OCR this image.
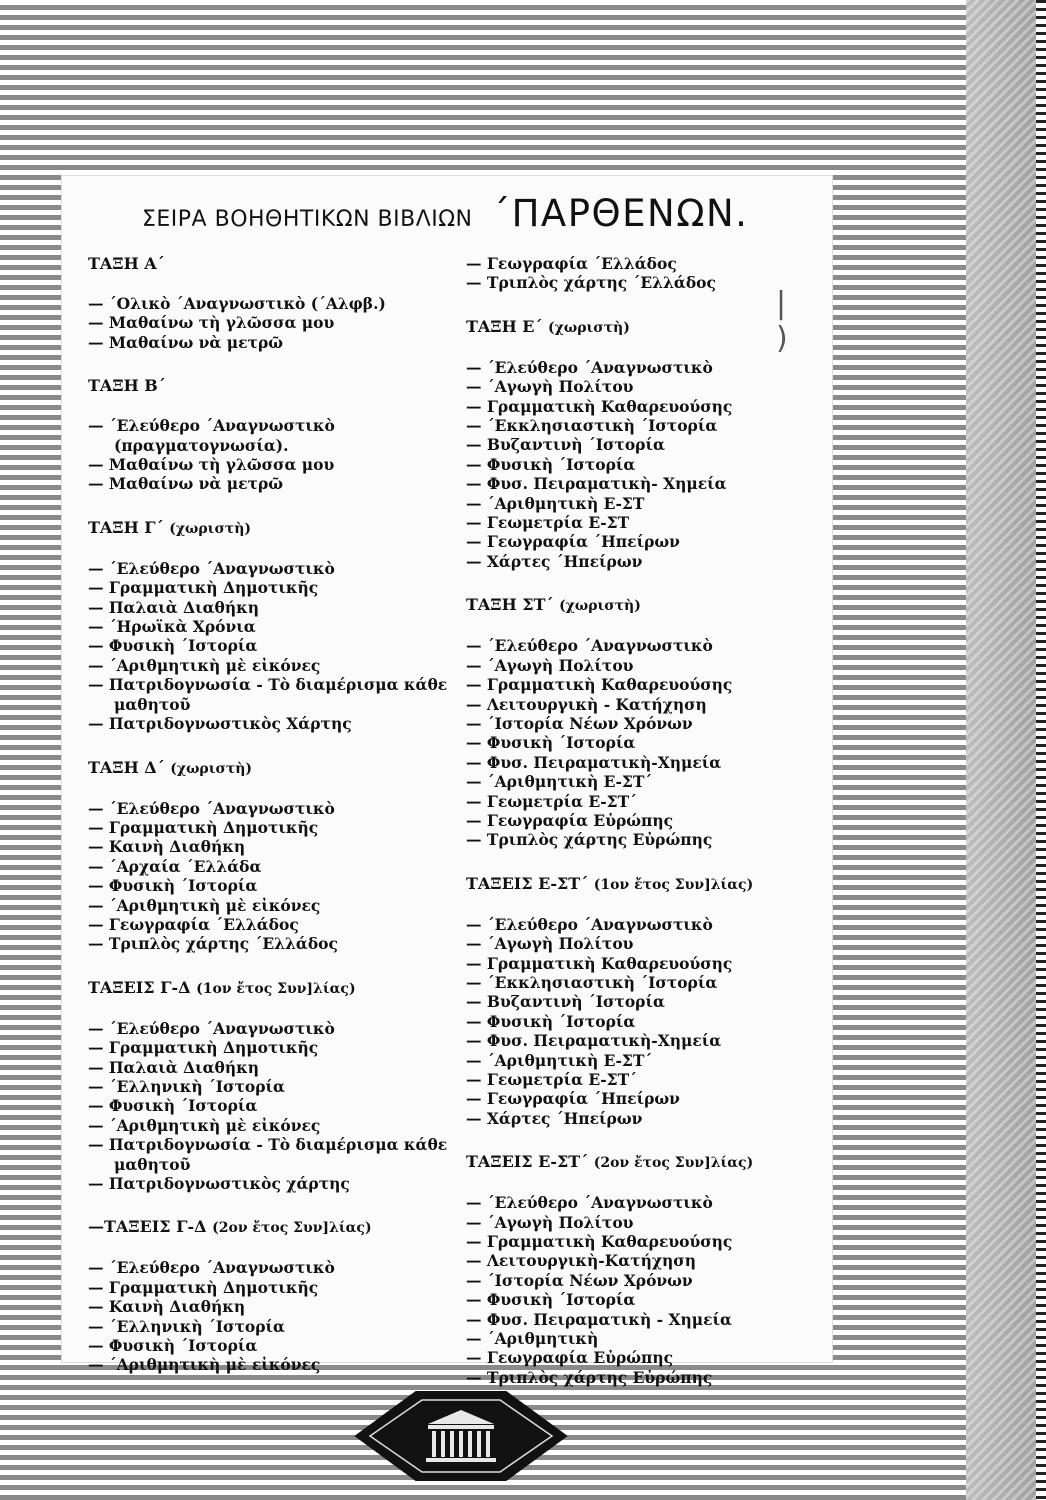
ΣΕΙΡΑ ΒΟΗΘΗΤΙΚΩΝ ΒΙΒΛΙΩΝ ΄ΠΑΡΘΕΝΩΝ.
| )
ΤΑΞΗ Α΄
— ΄Ολικὸ ΄Αναγνωστικὸ (΄Αλφβ.)
— Μαθαίνω τὴ γλῶσσα μου
— Μαθαίνω νὰ μετρῶ
ΤΑΞΗ Β΄
— ΄Ελεύθερο ΄Αναγνωστικὸ (πραγματογνωσία).
— Μαθαίνω τὴ γλῶσσα μου
— Μαθαίνω νὰ μετρῶ
ΤΑΞΗ Γ΄ (χωριστὴ)
— ΄Ελεύθερο ΄Αναγνωστικὸ
— Γραμματικὴ Δημοτικῆς
— Παλαιὰ Διαθήκη
— ΄Ηρωϊκὰ Χρόνια
— Φυσικὴ ΄Ιστορία
— ΄Αριθμητικὴ μὲ εἰκόνες
— Πατριδογνωσία - Τὸ διαμέρισμα κάθε μαθητοῦ
— Πατριδογνωστικὸς Χάρτης
ΤΑΞΗ Δ΄ (χωριστὴ)
— ΄Ελεύθερο ΄Αναγνωστικὸ
— Γραμματικὴ Δημοτικῆς
— Καινὴ Διαθήκη
— ΄Αρχαία ΄Ελλάδα
— Φυσικὴ ΄Ιστορία
— ΄Αριθμητικὴ μὲ εἰκόνες
— Γεωγραφία ΄Ελλάδος
— Τριπλὸς χάρτης ΄Ελλάδος
ΤΑΞΕΙΣ Γ-Δ (1ον ἔτος Συν]λίας)
— ΄Ελεύθερο ΄Αναγνωστικὸ
— Γραμματικὴ Δημοτικῆς
— Παλαιὰ Διαθήκη
— ΄Ελληνικὴ ΄Ιστορία
— Φυσικὴ ΄Ιστορία
— ΄Αριθμητικὴ μὲ εἰκόνες
— Πατριδογνωσία - Τὸ διαμέρισμα κάθε μαθητοῦ
— Πατριδογνωστικὸς χάρτης
—ΤΑΞΕΙΣ Γ-Δ (2ον ἔτος Συν]λίας)
— ΄Ελεύθερο ΄Αναγνωστικὸ
— Γραμματικὴ Δημοτικῆς
— Καινὴ Διαθήκη
— ΄Ελληνικὴ ΄Ιστορία
— Φυσικὴ ΄Ιστορία
— ΄Αριθμητικὴ μὲ εἰκόνες
— Γεωγραφία ΄Ελλάδος
— Τριπλὸς χάρτης ΄Ελλάδος
ΤΑΞΗ Ε΄ (χωριστὴ)
— ΄Ελεύθερο ΄Αναγνωστικὸ
— ΄Αγωγὴ Πολίτου
— Γραμματικὴ Καθαρευούσης
— ΄Εκκλησιαστικὴ ΄Ιστορία
— Βυζαντινὴ ΄Ιστορία
— Φυσικὴ ΄Ιστορία
— Φυσ. Πειραματικὴ- Χημεία
— ΄Αριθμητικὴ Ε-ΣΤ
— Γεωμετρία Ε-ΣΤ
— Γεωγραφία ΄Ηπείρων
— Χάρτες ΄Ηπείρων
ΤΑΞΗ ΣΤ΄ (χωριστὴ)
— ΄Ελεύθερο ΄Αναγνωστικὸ
— ΄Αγωγὴ Πολίτου
— Γραμματικὴ Καθαρευούσης
— Λειτουργικὴ - Κατήχηση
— ΄Ιστορία Νέων Χρόνων
— Φυσικὴ ΄Ιστορία
— Φυσ. Πειραματικὴ-Χημεία
— ΄Αριθμητικὴ Ε-ΣΤ΄
— Γεωμετρία Ε-ΣΤ΄
— Γεωγραφία Εὐρώπης
— Τριπλὸς χάρτης Εὐρώπης
ΤΑΞΕΙΣ Ε-ΣΤ΄ (1ον ἔτος Συν]λίας)
— ΄Ελεύθερο ΄Αναγνωστικὸ
— ΄Αγωγὴ Πολίτου
— Γραμματικὴ Καθαρευούσης
— ΄Εκκλησιαστικὴ ΄Ιστορία
— Βυζαντινὴ ΄Ιστορία
— Φυσικὴ ΄Ιστορία
— Φυσ. Πειραματικὴ-Χημεία
— ΄Αριθμητικὴ Ε-ΣΤ΄
— Γεωμετρία Ε-ΣΤ΄
— Γεωγραφία ΄Ηπείρων
— Χάρτες ΄Ηπείρων
ΤΑΞΕΙΣ Ε-ΣΤ΄ (2ον ἔτος Συν]λίας)
— ΄Ελεύθερο ΄Αναγνωστικὸ
— ΄Αγωγὴ Πολίτου
— Γραμματικὴ Καθαρευούσης
— Λειτουργικὴ-Κατήχηση
— ΄Ιστορία Νέων Χρόνων
— Φυσικὴ ΄Ιστορία
— Φυσ. Πειραματικὴ - Χημεία
— ΄Αριθμητικὴ
— Γεωγραφία Εὐρώπης
— Τριπλὸς χάρτης Εὐρώπης
